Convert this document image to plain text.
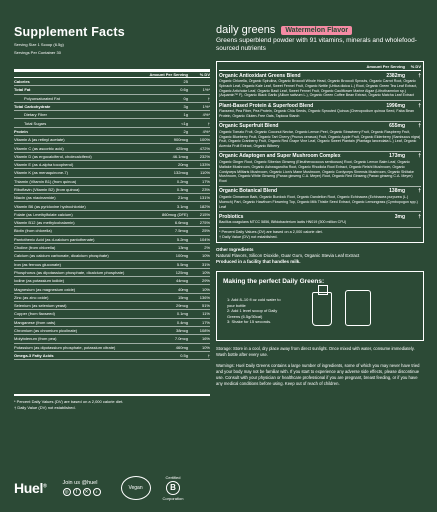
Supplement Facts
Serving Size 1 Scoop (6.5g)
Servings Per Container 30
Amount Per Serving	% DV
Calories	25
Total Fat	0.6g	1%*
Polyunsaturated Fat	0g	†
Total Carbohydrate	3g	1%*
Dietary Fiber	1g	4%*
Total Sugars	<1g	†
Protein	2g	4%*
Vitamin A (as retinyl acetate)	900mcg	100%
Vitamin C (as ascorbic acid)	425mg	472%
Vitamin D (as ergocalciferol, cholecalciferol)	46.1mcg	232%
Vitamin E (as d-alpha tocopherol)	20mg	133%
Vitamin K (as menaquinone-7)	132mcg	110%
Thiamin (Vitamin B1) (from quinoa)	0.2mg	17%
Riboflavin (Vitamin B2) (from quinoa)	0.3mg	23%
Niacin (as niacinamide)	21mg	131%
Vitamin B6 (as pyridoxine hydrochloride)	3.1mg	182%
Folate (as l-methylfolate calcium)	860mcg (DFE)	215%
Vitamin B12 (as methylcobalamin)	6.6mcg	275%
Biotin (from chlorella)	7.5mcg	25%
Pantothenic Acid (as d-calcium pantothenate)	5.2mg	104%
Choline (from chlorella)	13mg	2%
Calcium (as calcium carbonate, dicalcium phosphate)	100mg	10%
Iron (as ferrous gluconate)	5.5mg	31%
Phosphorus (as dipotassium phosphate, dicalcium phosphate)	125mg	10%
Iodine (as potassium iodide)	44mcg	29%
Magnesium (as magnesium oxide)	40mg	10%
Zinc (as zinc oxide)	15mg	136%
Selenium (as selenium yeast)	29mcg	51%
Copper (from flaxseed)	0.1mg	11%
Manganese (from oats)	0.4mg	17%
Chromium (as chromium picolinate)	38mcg	108%
Molybdenum (from pea)	7.0mcg	16%
Potassium (as dipotassium phosphate, potassium citrate)	460mg	10%
Omega-3 Fatty Acids	0.5g	†
* Percent Daily Values (DV) are based on a 2,000 calorie diet.
† Daily Value (DV) not established.
daily greens	Watermelon Flavor
Greens superblend powder with 91 vitamins, minerals and wholefood-sourced nutrients
Amount Per Serving	% DV
Organic Antioxidant Greens Blend	2382mg	†
Organic Chlorella, Organic Spirulina, Organic Broccoli Whole Head, Organic Broccoli Sprouts, Organic Carrot Root, Organic Spinach Leaf, Organic Kale Leaf, Sweet Fennel Fruit, Organic Nettle (Urtica dioica L.) Root, Organic Green Tea Leaf Extract, Organic Artichoke Leaf, Organic Basil Leaf, Sweet Fennel Fruit, Organic Cauliflower Marine Algae (Lithothamnion sp.) (Aquamin™ F), Organic Black Garlic (Allium sativum L.), Organic Green Coffee Bean Extract, Organic Matcha Leaf Extract
Plant-Based Protein & Superfood Blend	1996mg	†
Flaxseed, Pea Fiber, Pea Protein, Organic Chia Seeds, Organic Sprouted Quinoa (Chenopodium quinoa Seed, Faba Bean Protein, Organic Gluten-Free Oats, Tapioca Starch
Organic Superfruit Blend	655mg	†
Organic Tomato Fruit, Organic Coconut Nectar, Organic Lemon Peel, Organic Strawberry Fruit, Organic Raspberry Fruit, Organic Blueberry Fruit, Organic Tart Cherry (Prunus cerasus) Fruit, Organic Apple Fruit, Organic Elderberry (Sambucus nigra) Fruit, Organic Cranberry Fruit, Organic Red Grape Vine Leaf, Organic Sweet Plantain (Plantago lanceolata L.) Leaf, Organic Acerola Fruit Extract, Organic Bilberry
Organic Adaptogen and Super Mushroom Complex	173mg	†
Organic Ginger Root, Organic Siberian Ginseng (Eleutherococcus senticosus) Root, Organic Lemon Balm Leaf, Organic Maitake Mushroom, Organic Ashwagandha Root, Organic Rhodiola Root Extract, Organic Reishi Mushroom, Organic Cordyceps Militaris Mushroom, Organic Lion's Mane Mushroom, Organic Cordyceps Sinensis Mushroom, Organic Shiitake Mushroom, Organic White Ginseng (Panax ginseng C.A. Meyer) Root, Organic Red Ginseng (Panax ginseng C.A. Meyer) Root
Organic Botanical Blend	138mg	†
Organic Cinnamon Bark, Organic Burdock Root, Organic Dandelion Root, Organic Echinacea (Echinacea purpurea (L.) Moench) Part, Organic Hawthorn Flowering Top, Organic Milk Thistle Seed Extract, Organic Lemongrass (Cymbopogon spp.) Leaf
Probiotics	3mg	†
Bacillus coagulans MTCC 5856, Bifidobacterium lactis HN019 (500 million CFU)
* Percent Daily Values (DV) are based on a 2,000 calorie diet.
† Daily Value (DV) not established.
Other Ingredients
Natural Flavors, Silicon Dioxide, Guar Gum, Organic Stevia Leaf Extract
Produced in a facility that handles milk.
Making the perfect Daily Greens:
1: Add 8–10 fl oz cold water to your bottle
2: Add 1 level scoop of Daily Greens (6.5g/30cal)
3: Shake for 15 seconds.
Storage: Store in a cool, dry place away from direct sunlight. Once mixed with water, consume immediately. Wash bottle after every use.
Warnings: Huel Daily Greens contains a large number of ingredients, some of which you may never have tried and your body may not be familiar with. If you start to experience any adverse side effects, please discontinue use. Consult with your physician or healthcare professional if you are pregnant, breast feeding, or if you have any medical conditions before using. Keep out of reach of children.
Huel®
Join us @huel
◎	f	✕	♪
Vegan
Certified
B
Corporation
